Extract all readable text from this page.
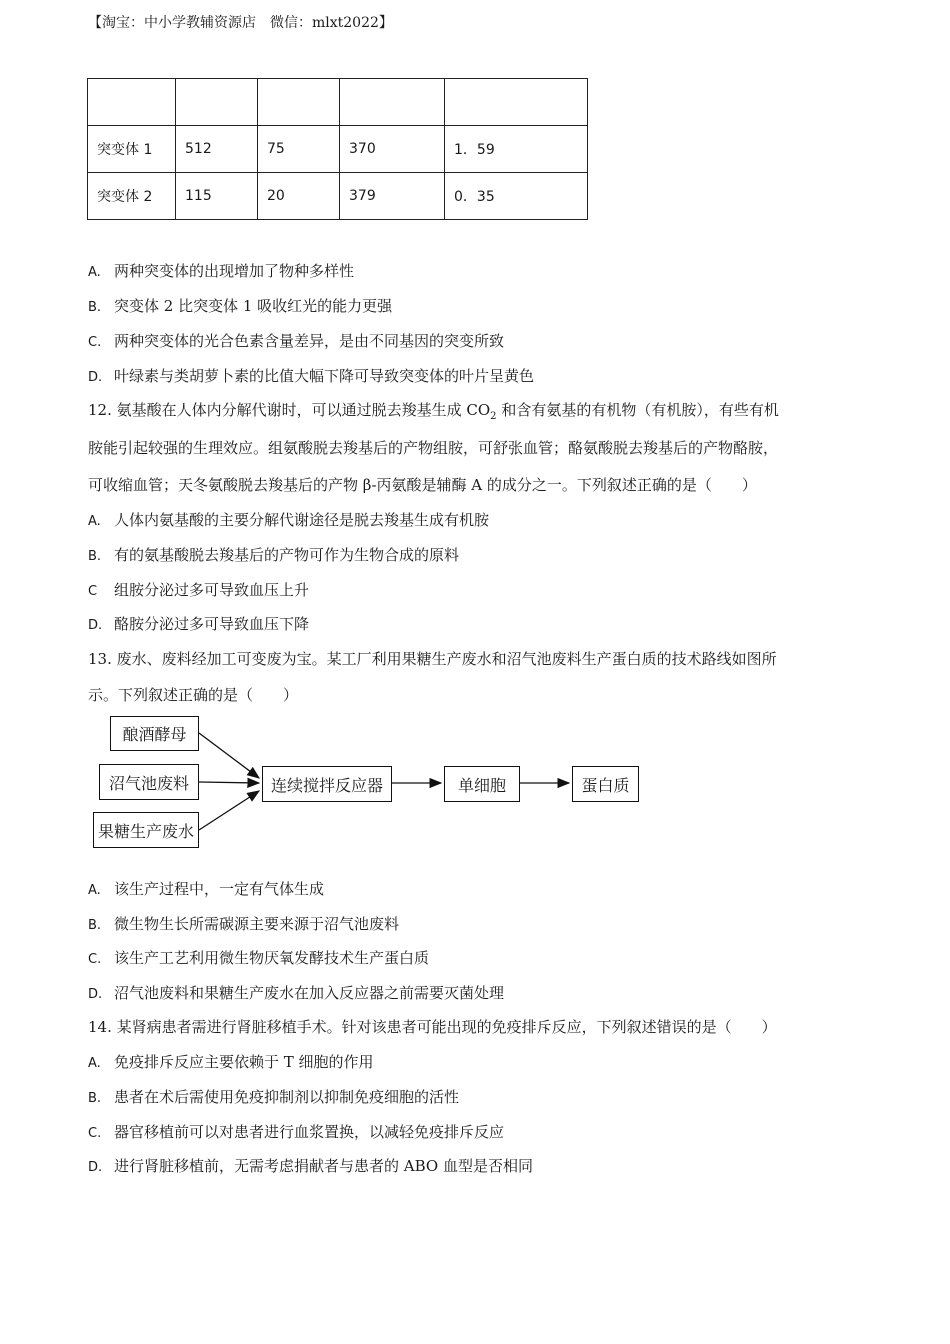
【淘宝：中小学教辅资源店　微信：mlxt2022】

突变体 1	512	75	370	1．59
突变体 2	115	20	379	0．35
A. 两种突变体的出现增加了物种多样性
B. 突变体 2 比突变体 1 吸收红光的能力更强
C. 两种突变体的光合色素含量差异，是由不同基因的突变所致
D. 叶绿素与类胡萝卜素的比值大幅下降可导致突变体的叶片呈黄色
12. 氨基酸在人体内分解代谢时，可以通过脱去羧基生成 $CO_2$ 和含有氨基的有机物（有机胺），有些有机
胺能引起较强的生理效应。组氨酸脱去羧基后的产物组胺，可舒张血管；酪氨酸脱去羧基后的产物酪胺，
可收缩血管；天冬氨酸脱去羧基后的产物 β-丙氨酸是辅酶 A 的成分之一。下列叙述正确的是（　　）
A. 人体内氨基酸的主要分解代谢途径是脱去羧基生成有机胺
B. 有的氨基酸脱去羧基后的产物可作为生物合成的原料
C 组胺分泌过多可导致血压上升
D. 酪胺分泌过多可导致血压下降
13. 废水、废料经加工可变废为宝。某工厂利用果糖生产废水和沼气池废料生产蛋白质的技术路线如图所
示。下列叙述正确的是（　　）
酿酒酵母
沼气池废料
果糖生产废水
连续搅拌反应器	单细胞	蛋白质
A. 该生产过程中，一定有气体生成
B. 微生物生长所需碳源主要来源于沼气池废料
C. 该生产工艺利用微生物厌氧发酵技术生产蛋白质
D. 沼气池废料和果糖生产废水在加入反应器之前需要灭菌处理
14. 某肾病患者需进行肾脏移植手术。针对该患者可能出现的免疫排斥反应，下列叙述错误的是（　　）
A. 免疫排斥反应主要依赖于 T 细胞的作用
B. 患者在术后需使用免疫抑制剂以抑制免疫细胞的活性
C. 器官移植前可以对患者进行血浆置换，以减轻免疫排斥反应
D. 进行肾脏移植前，无需考虑捐献者与患者的 ABO 血型是否相同
